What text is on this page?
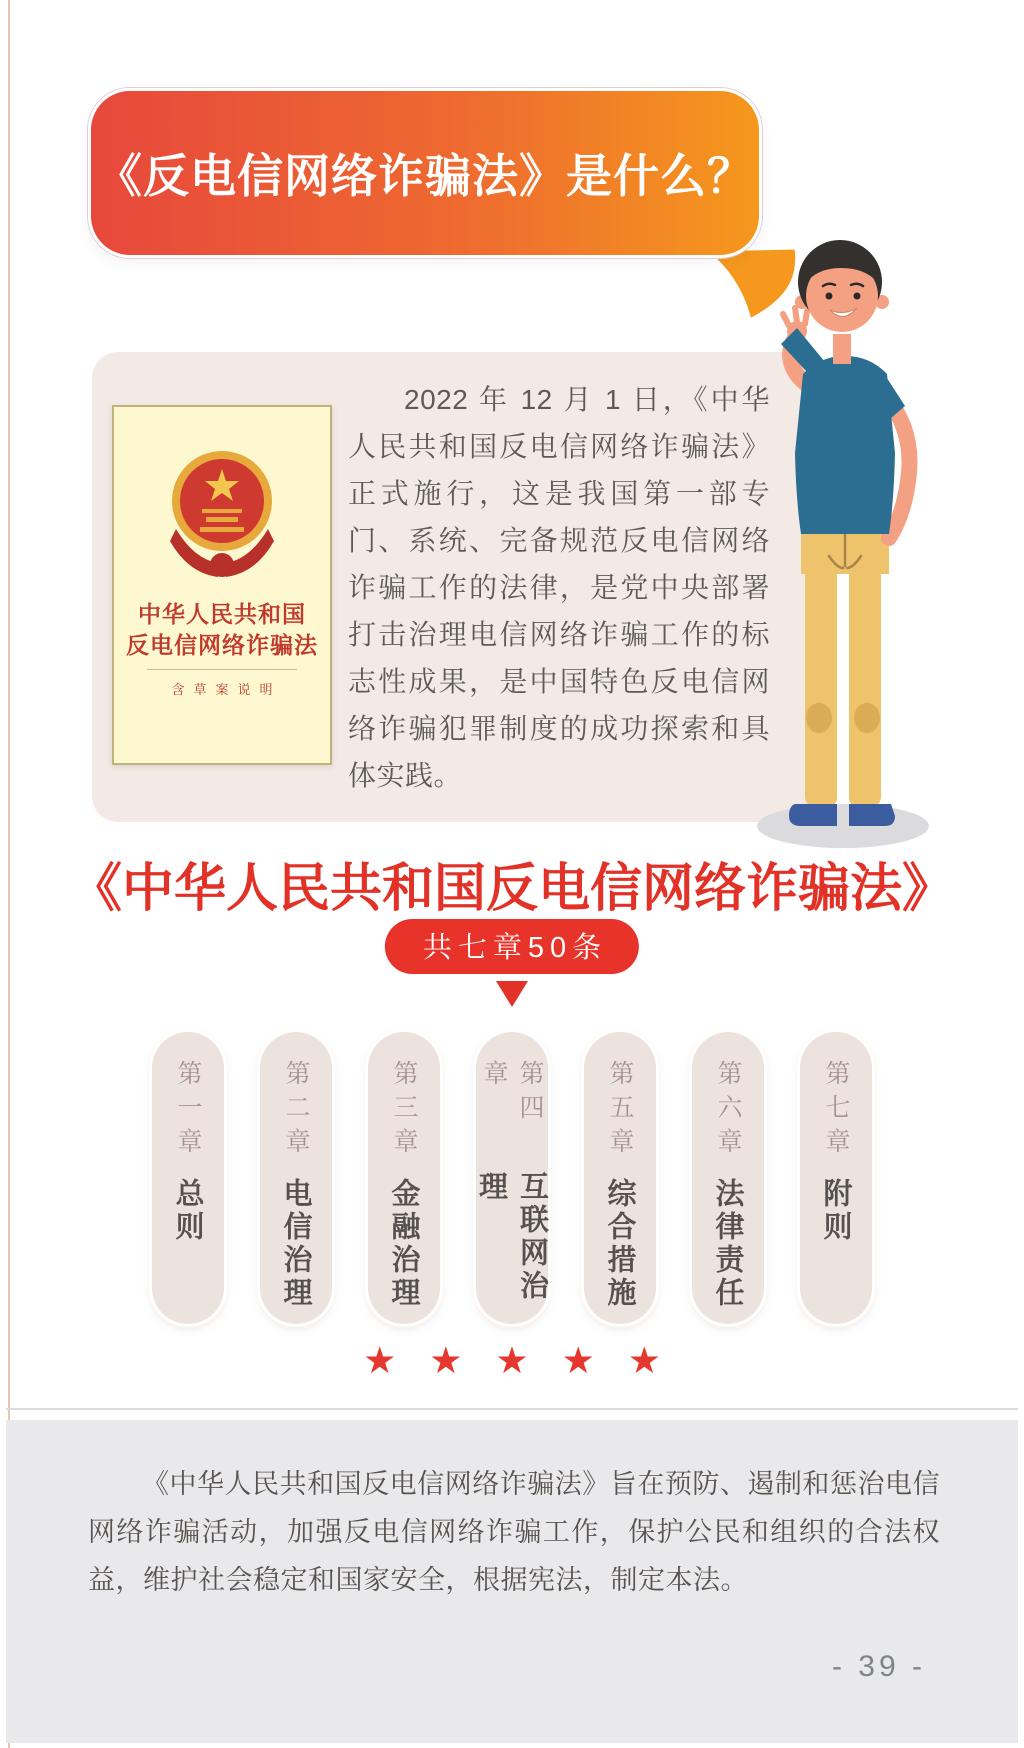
《反电信网络诈骗法》是什么？
中华人民共和国
反电信网络诈骗法
含草案说明

2022 年 12 月 1 日，《中华人民共和国反电信网络诈骗法》正式施行，这是我国第一部专门、系统、完备规范反电信网络诈骗工作的法律，是党中央部署打击治理电信网络诈骗工作的标志性成果，是中国特色反电信网络诈骗犯罪制度的成功探索和具体实践。

《中华人民共和国反电信网络诈骗法》
共七章50条
第一章
总则
第二章
电信治理
第三章
金融治理
第四章
互联网治理
第五章
综合措施
第六章
法律责任
第七章
附则
★ ★ ★ ★ ★

《中华人民共和国反电信网络诈骗法》旨在预防、遏制和惩治电信网络诈骗活动，加强反电信网络诈骗工作，保护公民和组织的合法权益，维护社会稳定和国家安全，根据宪法，制定本法。

- 39 -
